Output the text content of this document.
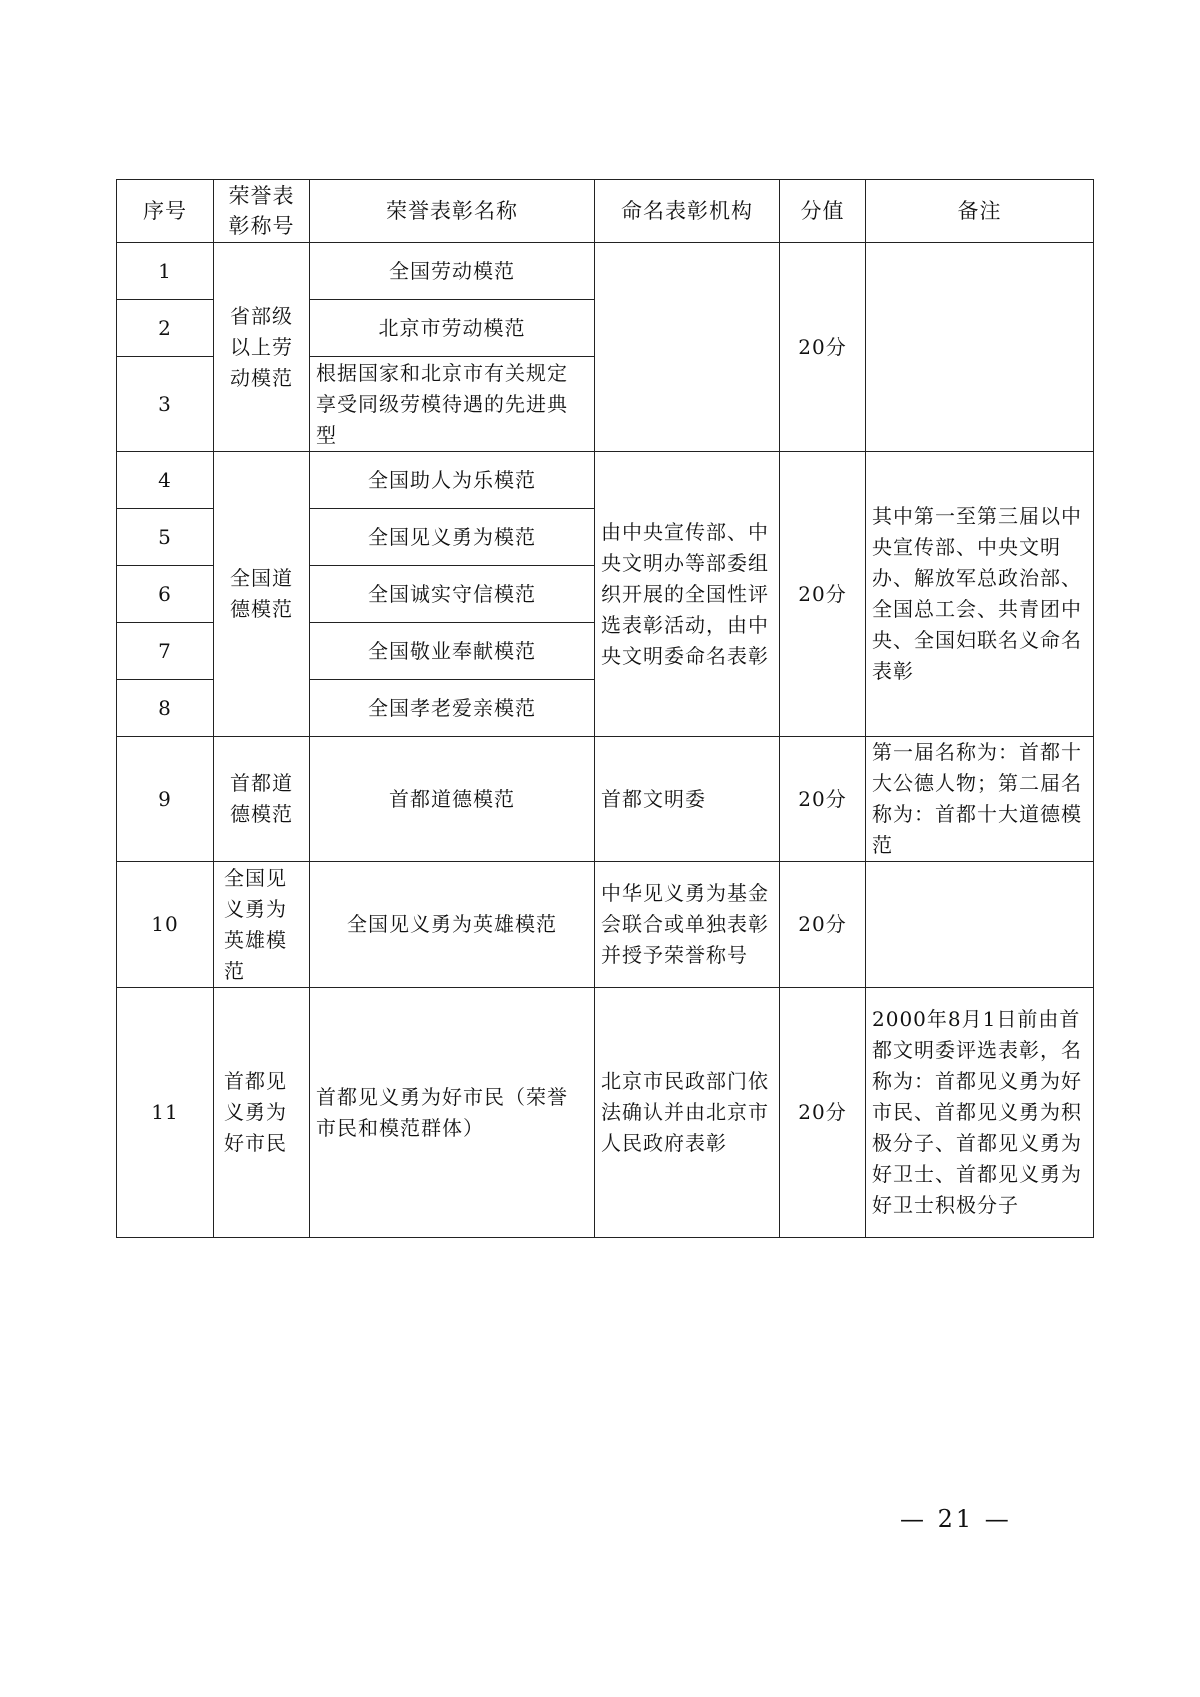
序号	荣誉表彰称号	荣誉表彰名称	命名表彰机构	分值	备注
1	省部级以上劳动模范	全国劳动模范		20分	
2		北京市劳动模范			
3		根据国家和北京市有关规定享受同级劳模待遇的先进典型			
4	全国道德模范	全国助人为乐模范	由中央宣传部、中央文明办等部委组织开展的全国性评选表彰活动，由中央文明委命名表彰	20分	其中第一至第三届以中央宣传部、中央文明办、解放军总政治部、全国总工会、共青团中央、全国妇联名义命名表彰
5		全国见义勇为模范			
6		全国诚实守信模范			
7		全国敬业奉献模范			
8		全国孝老爱亲模范			
9	首都道德模范	首都道德模范	首都文明委	20分	第一届名称为：首都十大公德人物；第二届名称为：首都十大道德模范
10	全国见义勇为英雄模范	全国见义勇为英雄模范	中华见义勇为基金会联合或单独表彰并授予荣誉称号	20分	
11	首都见义勇为好市民	首都见义勇为好市民（荣誉市民和模范群体）	北京市民政部门依法确认并由北京市人民政府表彰	20分	2000年8月1日前由首都文明委评选表彰，名称为：首都见义勇为好市民、首都见义勇为积极分子、首都见义勇为好卫士、首都见义勇为好卫士积极分子
— 21 —
